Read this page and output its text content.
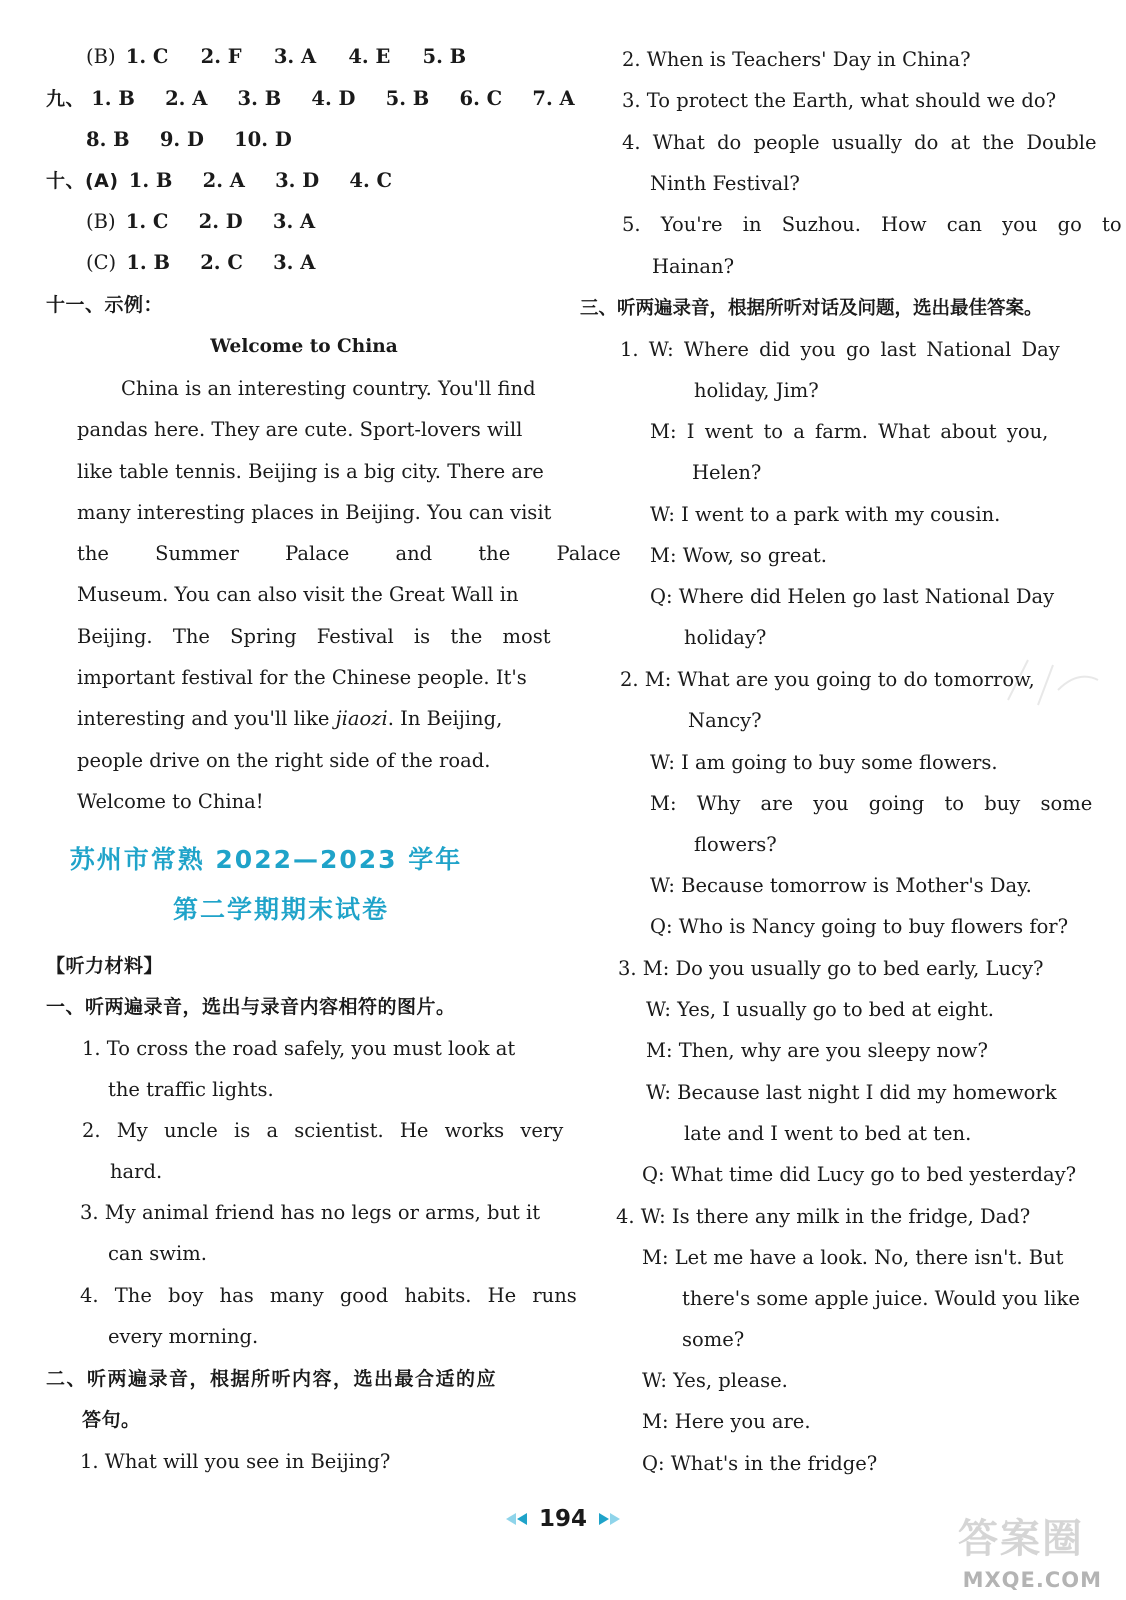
(B) 1. C 2. F 3. A 4. E 5. B
九、 1. B 2. A 3. B 4. D 5. B 6. C 7. A
8. B 9. D 10. D
十、(A) 1. B 2. A 3. D 4. C
(B) 1. C 2. D 3. A
(C) 1. B 2. C 3. A
十一、示例：
Welcome to China
China is an interesting country. You'll find
pandas here. They are cute. Sport-lovers will
like table tennis. Beijing is a big city. There are
many interesting places in Beijing. You can visit
the Summer Palace and the Palace
Museum. You can also visit the Great Wall in
Beijing. The Spring Festival is the most
important festival for the Chinese people. It's
interesting and you'll like jiaozi. In Beijing,
people drive on the right side of the road.
Welcome to China!
苏州市常熟 2022—2023 学年
第二学期期末试卷
【听力材料】
一、听两遍录音，选出与录音内容相符的图片。
1. To cross the road safely, you must look at
the traffic lights.
2. My uncle is a scientist. He works very
hard.
3. My animal friend has no legs or arms, but it
can swim.
4. The boy has many good habits. He runs
every morning.
二、听两遍录音，根据所听内容，选出最合适的应
答句。
1. What will you see in Beijing?
2. When is Teachers' Day in China?
3. To protect the Earth, what should we do?
4. What do people usually do at the Double
Ninth Festival?
5. You're in Suzhou. How can you go to
Hainan?
三、听两遍录音，根据所听对话及问题，选出最佳答案。
1. W: Where did you go last National Day
holiday, Jim?
M: I went to a farm. What about you,
Helen?
W: I went to a park with my cousin.
M: Wow, so great.
Q: Where did Helen go last National Day
holiday?
2. M: What are you going to do tomorrow,
Nancy?
W: I am going to buy some flowers.
M: Why are you going to buy some
flowers?
W: Because tomorrow is Mother's Day.
Q: Who is Nancy going to buy flowers for?
3. M: Do you usually go to bed early, Lucy?
W: Yes, I usually go to bed at eight.
M: Then, why are you sleepy now?
W: Because last night I did my homework
late and I went to bed at ten.
Q: What time did Lucy go to bed yesterday?
4. W: Is there any milk in the fridge, Dad?
M: Let me have a look. No, there isn't. But
there's some apple juice. Would you like
some?
W: Yes, please.
M: Here you are.
Q: What's in the fridge?
194	答案圈
MXQE.COM
